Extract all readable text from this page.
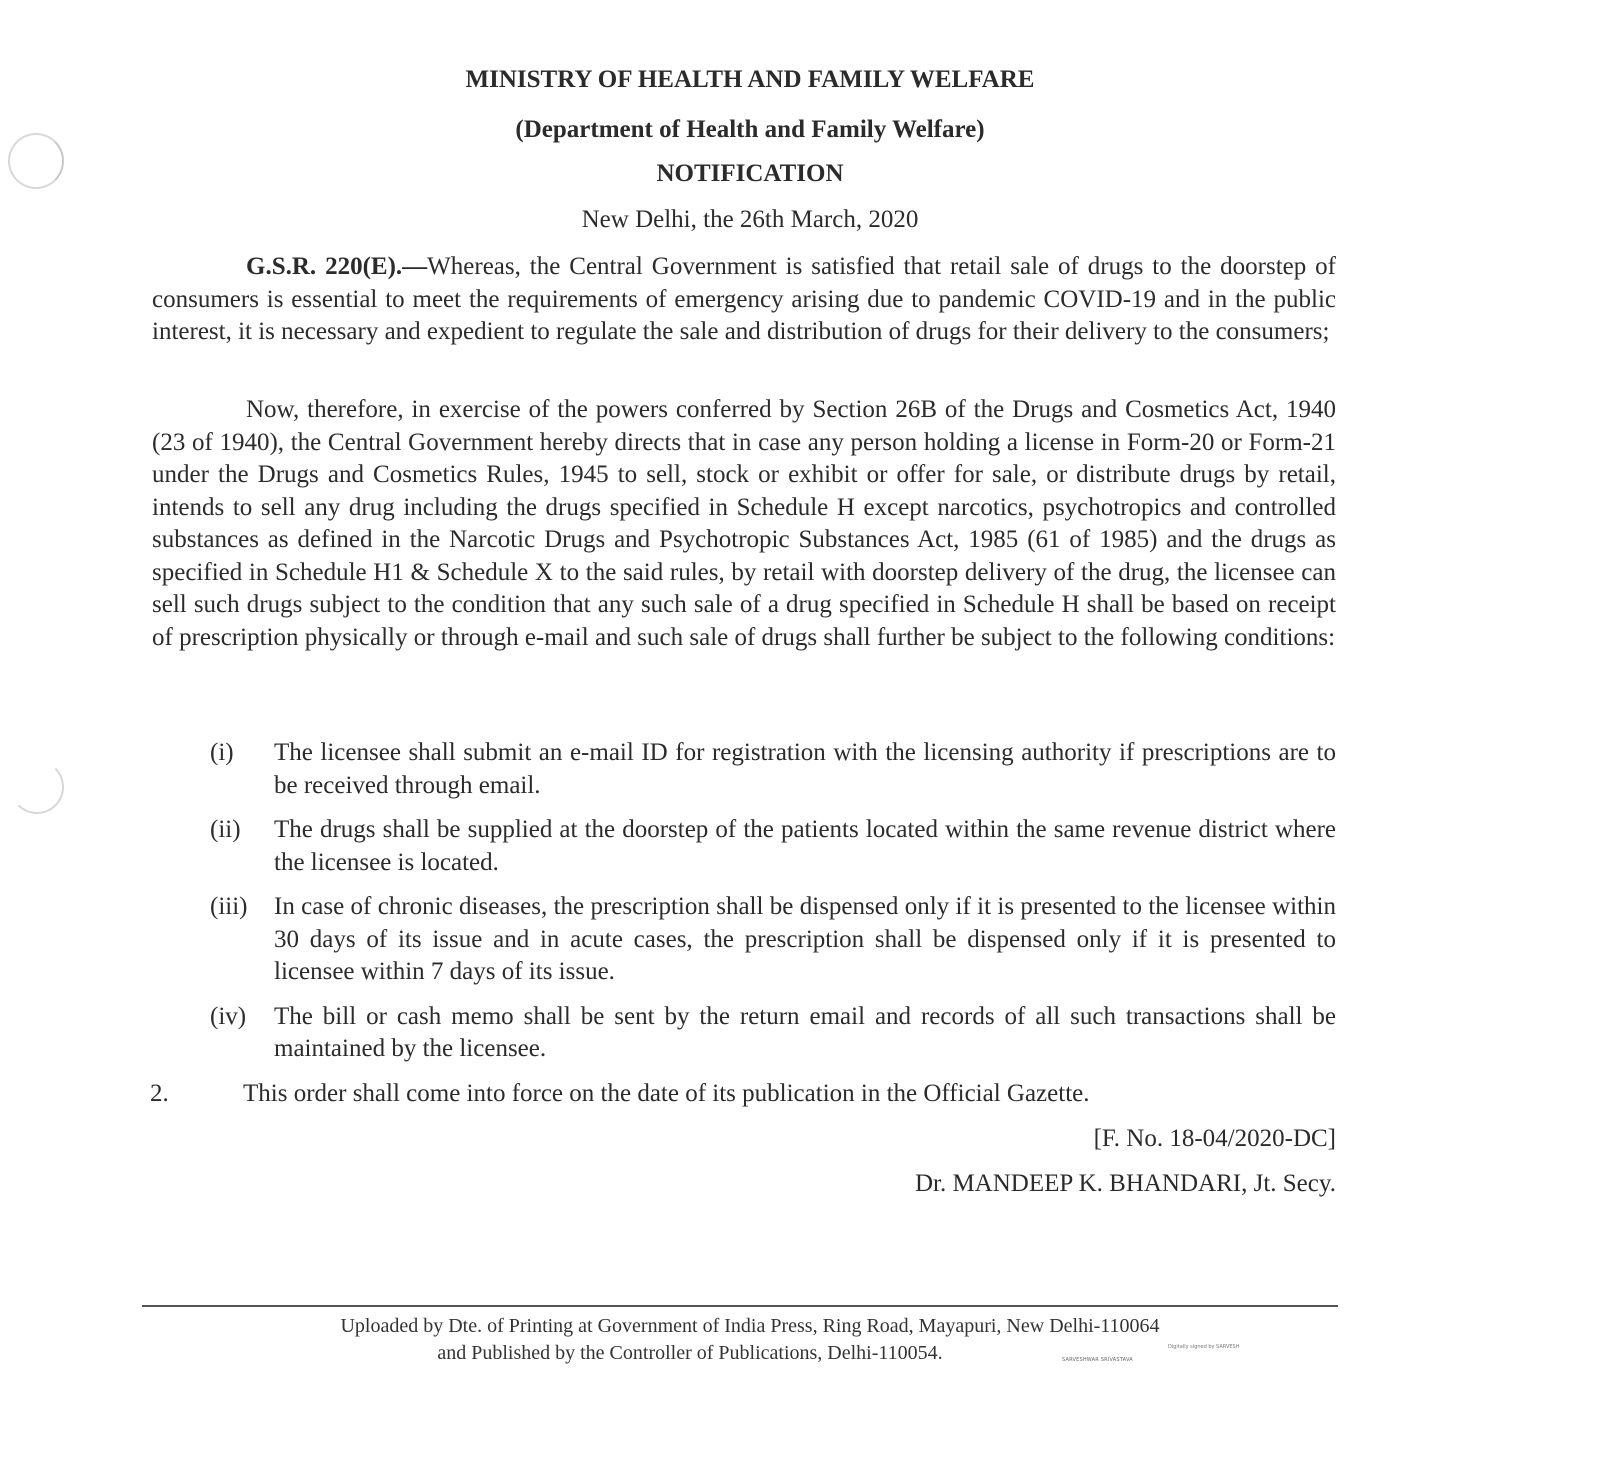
MINISTRY OF HEALTH AND FAMILY WELFARE
(Department of Health and Family Welfare)
NOTIFICATION
New Delhi, the 26th March, 2020

G.S.R. 220(E).—Whereas, the Central Government is satisfied that retail sale of drugs to the doorstep of consumers is essential to meet the requirements of emergency arising due to pandemic COVID-19 and in the public interest, it is necessary and expedient to regulate the sale and distribution of drugs for their delivery to the consumers;

Now, therefore, in exercise of the powers conferred by Section 26B of the Drugs and Cosmetics Act, 1940 (23 of 1940), the Central Government hereby directs that in case any person holding a license in Form-20 or Form-21 under the Drugs and Cosmetics Rules, 1945 to sell, stock or exhibit or offer for sale, or distribute drugs by retail, intends to sell any drug including the drugs specified in Schedule H except narcotics, psychotropics and controlled substances as defined in the Narcotic Drugs and Psychotropic Substances Act, 1985 (61 of 1985) and the drugs as specified in Schedule H1 & Schedule X to the said rules, by retail with doorstep delivery of the drug, the licensee can sell such drugs subject to the condition that any such sale of a drug specified in Schedule H shall be based on receipt of prescription physically or through e-mail and such sale of drugs shall further be subject to the following conditions:

(i) The licensee shall submit an e-mail ID for registration with the licensing authority if prescriptions are to be received through email.
(ii) The drugs shall be supplied at the doorstep of the patients located within the same revenue district where the licensee is located.
(iii) In case of chronic diseases, the prescription shall be dispensed only if it is presented to the licensee within 30 days of its issue and in acute cases, the prescription shall be dispensed only if it is presented to licensee within 7 days of its issue.
(iv) The bill or cash memo shall be sent by the return email and records of all such transactions shall be maintained by the licensee.
2.	This order shall come into force on the date of its publication in the Official Gazette.
[F. No. 18-04/2020-DC]
Dr. MANDEEP K. BHANDARI, Jt. Secy.
Uploaded by Dte. of Printing at Government of India Press, Ring Road, Mayapuri, New Delhi-110064
and Published by the Controller of Publications, Delhi-110054.	SARVESHWAR SRIVASTAVA
Digitally signed by SARVESH
